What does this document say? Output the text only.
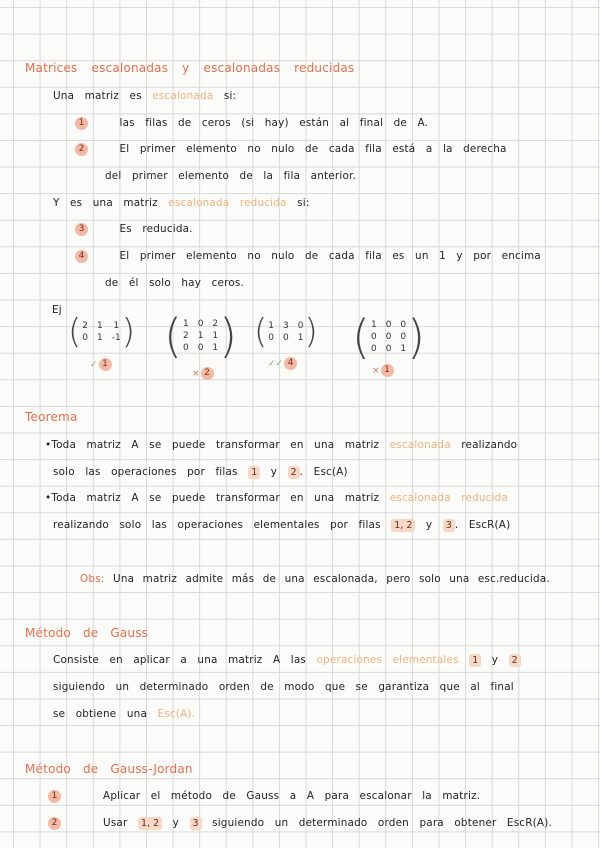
Matrices escalonadas y escalonadas reducidas
Una matriz es escalonada si:
1	las filas de ceros (si hay) están al final de A.
2	El primer elemento no nulo de cada fila está a la derecha
del primer elemento de la fila anterior.
Y es una matriz escalonada reducida si:
3	Es reducida.
4	El primer elemento no nulo de cada fila es un 1 y por encima
de él solo hay ceros.
Ej
( 2 1 1
0 1 -1 )
✓ 1
( 1 0 2
2 1 1
0 0 1 )
× 2
( 1 3 0
0 0 1 )
✓✓ 4 ( 1 0 0
0 0 0
0 0 1 )
× 1
Teorema
•Toda matriz A se puede transformar en una matriz escalonada realizando
solo las operaciones por filas 1 y 2 . Esc(A)
•Toda matriz A se puede transformar en una matriz escalonada reducida
realizando solo las operaciones elementales por filas 1, 2 y 3 . EscR(A)
Obs: Una matriz admite más de una escalonada, pero solo una esc.reducida.
Método de Gauss
Consiste en aplicar a una matriz A las operaciones elementales 1 y 2
siguiendo un determinado orden de modo que se garantiza que al final
se obtiene una Esc(A).
Método de Gauss-Jordan
1	Aplicar el método de Gauss a A para escalonar la matriz.
2	Usar 1, 2 y 3 siguiendo un determinado orden para obtener EscR(A).
